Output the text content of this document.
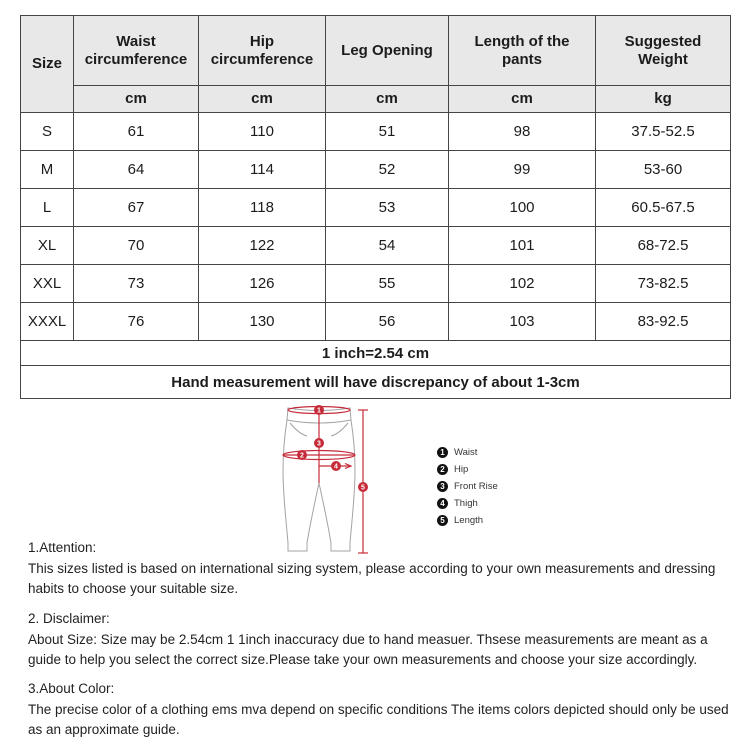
Size	Waist circumference	Hip circumference	Leg Opening	Length of the pants	Suggested Weight
	cm	cm	cm	cm	kg
S	61	110	51	98	37.5-52.5
M	64	114	52	99	53-60
L	67	118	53	100	60.5-67.5
XL	70	122	54	101	68-72.5
XXL	73	126	55	102	73-82.5
XXXL	76	130	56	103	83-92.5
1 inch=2.54 cm					
Hand measurement will have discrepancy of about 1-3cm					
1
2
3
4
5
1 Waist
2 Hip
3 Front Rise
4 Thigh
5 Length
1.Attention:
This sizes listed is based on international sizing system, please according to your own measurements and dressing habits to choose your suitable size.
2. Disclaimer:
About Size: Size may be 2.54cm 1 1inch inaccuracy due to hand measuer. Thsese measurements are meant as a guide to help you select the correct size.Please take your own measurements and choose your size accordingly.
3.About Color:
The precise color of a clothing ems mva depend on specific conditions The items colors depicted should only be used as an approximate guide.
